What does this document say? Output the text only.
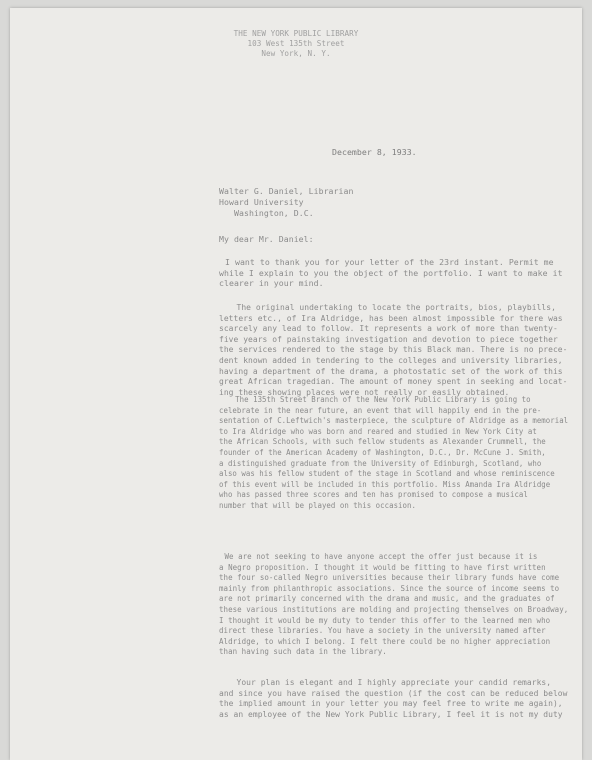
THE NEW YORK PUBLIC LIBRARY
103 West 135th Street
New York, N. Y.
December 8, 1933.
Walter G. Daniel, Librarian
Howard University
Washington, D.C.
My dear Mr. Daniel:
I want to thank you for your letter of the 23rd instant. Permit me
while I explain to you the object of the portfolio. I want to make it
clearer in your mind.
The original undertaking to locate the portraits, bios, playbills,
letters etc., of Ira Aldridge, has been almost impossible for there was
scarcely any lead to follow. It represents a work of more than twenty-
five years of painstaking investigation and devotion to piece together
the services rendered to the stage by this Black man. There is no prece-
dent known added in tendering to the colleges and university libraries,
having a department of the drama, a photostatic set of the work of this
great African tragedian. The amount of money spent in seeking and locat-
ing these showing places were not really or easily obtained.
The 135th Street Branch of the New York Public Library is going to
celebrate in the near future, an event that will happily end in the pre-
sentation of C.Leftwich's masterpiece, the sculpture of Aldridge as a memorial
to Ira Aldridge who was born and reared and studied in New York City at
the African Schools, with such fellow students as Alexander Crummell, the
founder of the American Academy of Washington, D.C., Dr. McCune J. Smith,
a distinguished graduate from the University of Edinburgh, Scotland, who
also was his fellow student of the stage in Scotland and whose reminiscence
of this event will be included in this portfolio. Miss Amanda Ira Aldridge
who has passed three scores and ten has promised to compose a musical
number that will be played on this occasion.
We are not seeking to have anyone accept the offer just because it is
a Negro proposition. I thought it would be fitting to have first written
the four so-called Negro universities because their library funds have come
mainly from philanthropic associations. Since the source of income seems to
are not primarily concerned with the drama and music, and the graduates of
these various institutions are molding and projecting themselves on Broadway,
I thought it would be my duty to tender this offer to the learned men who
direct these libraries. You have a society in the university named after
Aldridge, to which I belong. I felt there could be no higher appreciation
than having such data in the library.
Your plan is elegant and I highly appreciate your candid remarks,
and since you have raised the question (if the cost can be reduced below
the implied amount in your letter you may feel free to write me again),
as an employee of the New York Public Library, I feel it is not my duty
